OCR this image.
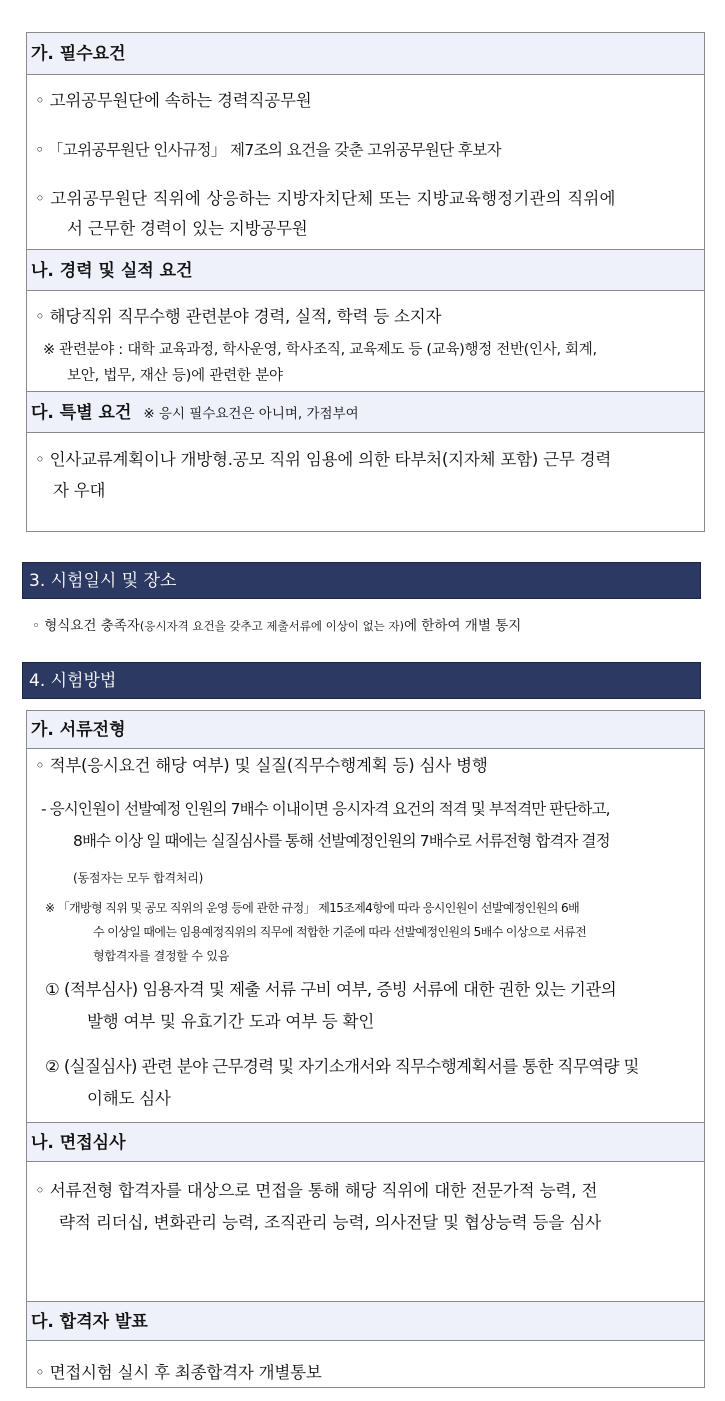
가. 필수요건
◦ 고위공무원단에 속하는 경력직공무원
◦ 「고위공무원단 인사규정」 제7조의 요건을 갖춘 고위공무원단 후보자
◦ 고위공무원단 직위에 상응하는 지방자치단체 또는 지방교육행정기관의 직위에
서 근무한 경력이 있는 지방공무원
나. 경력 및 실적 요건
◦ 해당직위 직무수행 관련분야 경력, 실적, 학력 등 소지자
※ 관련분야 : 대학 교육과정, 학사운영, 학사조직, 교육제도 등 (교육)행정 전반(인사, 회계,
보안, 법무, 재산 등)에 관련한 분야
다. 특별 요건 ※ 응시 필수요건은 아니며, 가점부여
◦ 인사교류계획이나 개방형.공모 직위 임용에 의한 타부처(지자체 포함) 근무 경력
자 우대
3. 시험일시 및 장소
◦ 형식요건 충족자(응시자격 요건을 갖추고 제출서류에 이상이 없는 자)에 한하여 개별 통지
4. 시험방법
가. 서류전형
◦ 적부(응시요건 해당 여부) 및 실질(직무수행계획 등) 심사 병행
- 응시인원이 선발예정 인원의 7배수 이내이면 응시자격 요건의 적격 및 부적격만 판단하고,
8배수 이상 일 때에는 실질심사를 통해 선발예정인원의 7배수로 서류전형 합격자 결정
(동점자는 모두 합격처리)
※ 「개방형 직위 및 공모 직위의 운영 등에 관한 규정」 제15조제4항에 따라 응시인원이 선발예정인원의 6배
수 이상일 때에는 임용예정직위의 직무에 적합한 기준에 따라 선발예정인원의 5배수 이상으로 서류전
형합격자를 결정할 수 있음
① (적부심사) 임용자격 및 제출 서류 구비 여부, 증빙 서류에 대한 권한 있는 기관의
발행 여부 및 유효기간 도과 여부 등 확인
② (실질심사) 관련 분야 근무경력 및 자기소개서와 직무수행계획서를 통한 직무역량 및
이해도 심사
나. 면접심사
◦ 서류전형 합격자를 대상으로 면접을 통해 해당 직위에 대한 전문가적 능력, 전
략적 리더십, 변화관리 능력, 조직관리 능력, 의사전달 및 협상능력 등을 심사
다. 합격자 발표
◦ 면접시험 실시 후 최종합격자 개별통보
